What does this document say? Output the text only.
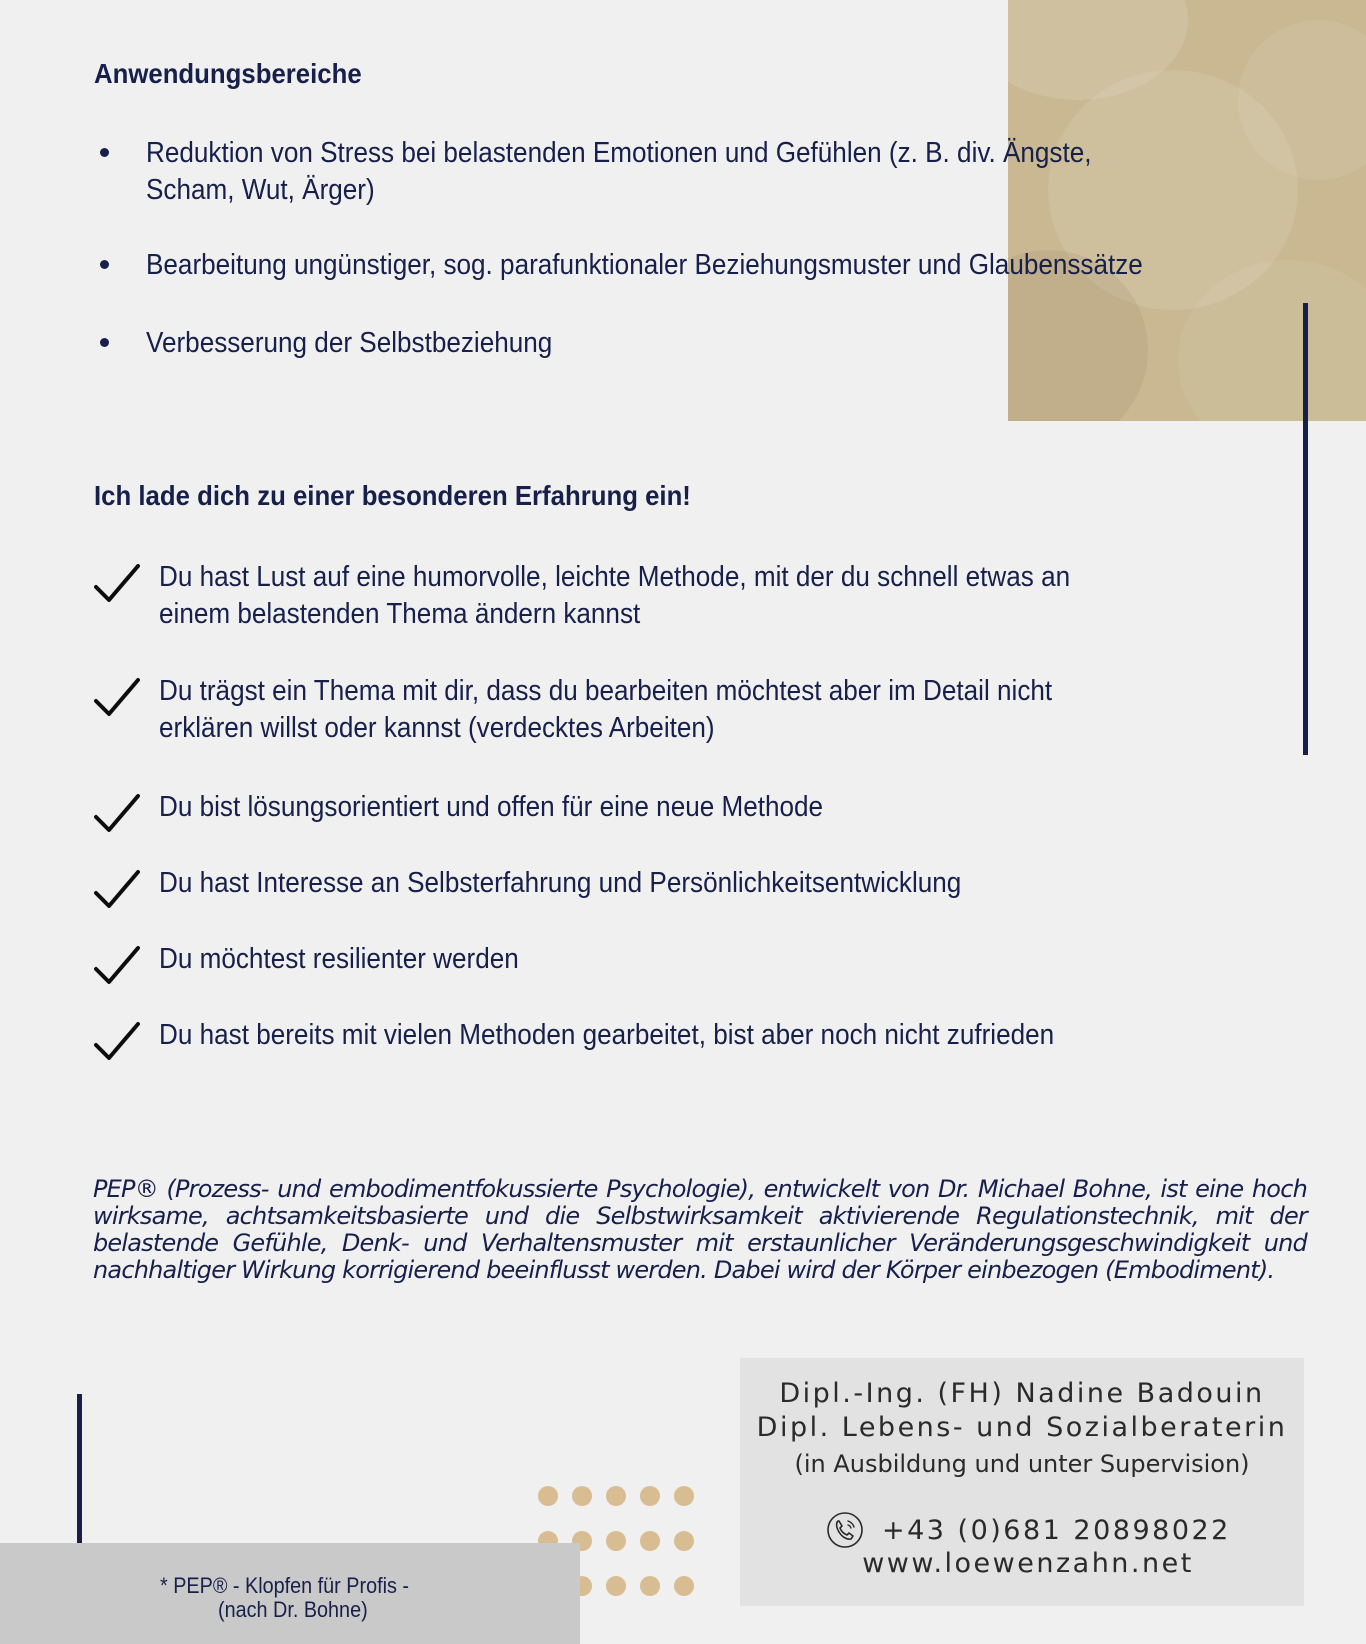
Anwendungsbereiche
Reduktion von Stress bei belastenden Emotionen und Gefühlen (z. B. div. Ängste,
Scham, Wut, Ärger)
Bearbeitung ungünstiger, sog. parafunktionaler Beziehungsmuster und Glaubenssätze
Verbesserung der Selbstbeziehung
Ich lade dich zu einer besonderen Erfahrung ein!
Du hast Lust auf eine humorvolle, leichte Methode, mit der du schnell etwas an
einem belastenden Thema ändern kannst
Du trägst ein Thema mit dir, dass du bearbeiten möchtest aber im Detail nicht
erklären willst oder kannst (verdecktes Arbeiten)
Du bist lösungsorientiert und offen für eine neue Methode
Du hast Interesse an Selbsterfahrung und Persönlichkeitsentwicklung
Du möchtest resilienter werden
Du hast bereits mit vielen Methoden gearbeitet, bist aber noch nicht zufrieden

PEP® (Prozess- und embodimentfokussierte Psychologie), entwickelt von Dr. Michael Bohne, ist eine hoch wirksame, achtsamkeitsbasierte und die Selbstwirksamkeit aktivierende Regulationstechnik, mit der belastende Gefühle, Denk- und Verhaltensmuster mit erstaunlicher Veränderungsgeschwindigkeit und nachhaltiger Wirkung korrigierend beeinflusst werden. Dabei wird der Körper einbezogen (Embodiment).

Dipl.-Ing. (FH) Nadine Badouin
Dipl. Lebens- und Sozialberaterin
(in Ausbildung und unter Supervision)
+43 (0)681 20898022
www.loewenzahn.net
* PEP® - Klopfen für Profis -
(nach Dr. Bohne)
